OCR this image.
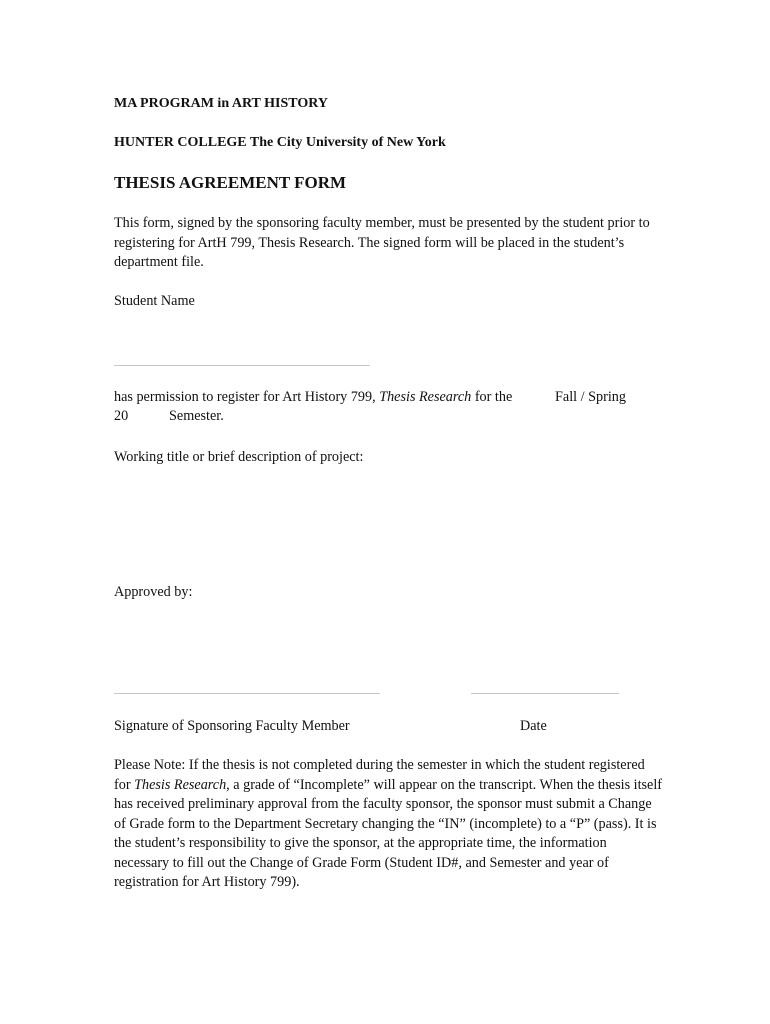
MA PROGRAM in ART HISTORY

HUNTER COLLEGE The City University of New York

THESIS AGREEMENT FORM

This form, signed by the sponsoring faculty member, must be presented by the student prior to registering for ArtH 799, Thesis Research. The signed form will be placed in the student’s department file.

Student Name

has permission to register for Art History 799, Thesis Research for the	Fall / Spring

20	Semester.

Working title or brief description of project:

Approved by:

Signature of Sponsoring Faculty Member	Date

Please Note: If the thesis is not completed during the semester in which the student registered for Thesis Research, a grade of “Incomplete” will appear on the transcript. When the thesis itself has received preliminary approval from the faculty sponsor, the sponsor must submit a Change of Grade form to the Department Secretary changing the “IN” (incomplete) to a “P” (pass). It is the student’s responsibility to give the sponsor, at the appropriate time, the information necessary to fill out the Change of Grade Form (Student ID#, and Semester and year of registration for Art History 799).
